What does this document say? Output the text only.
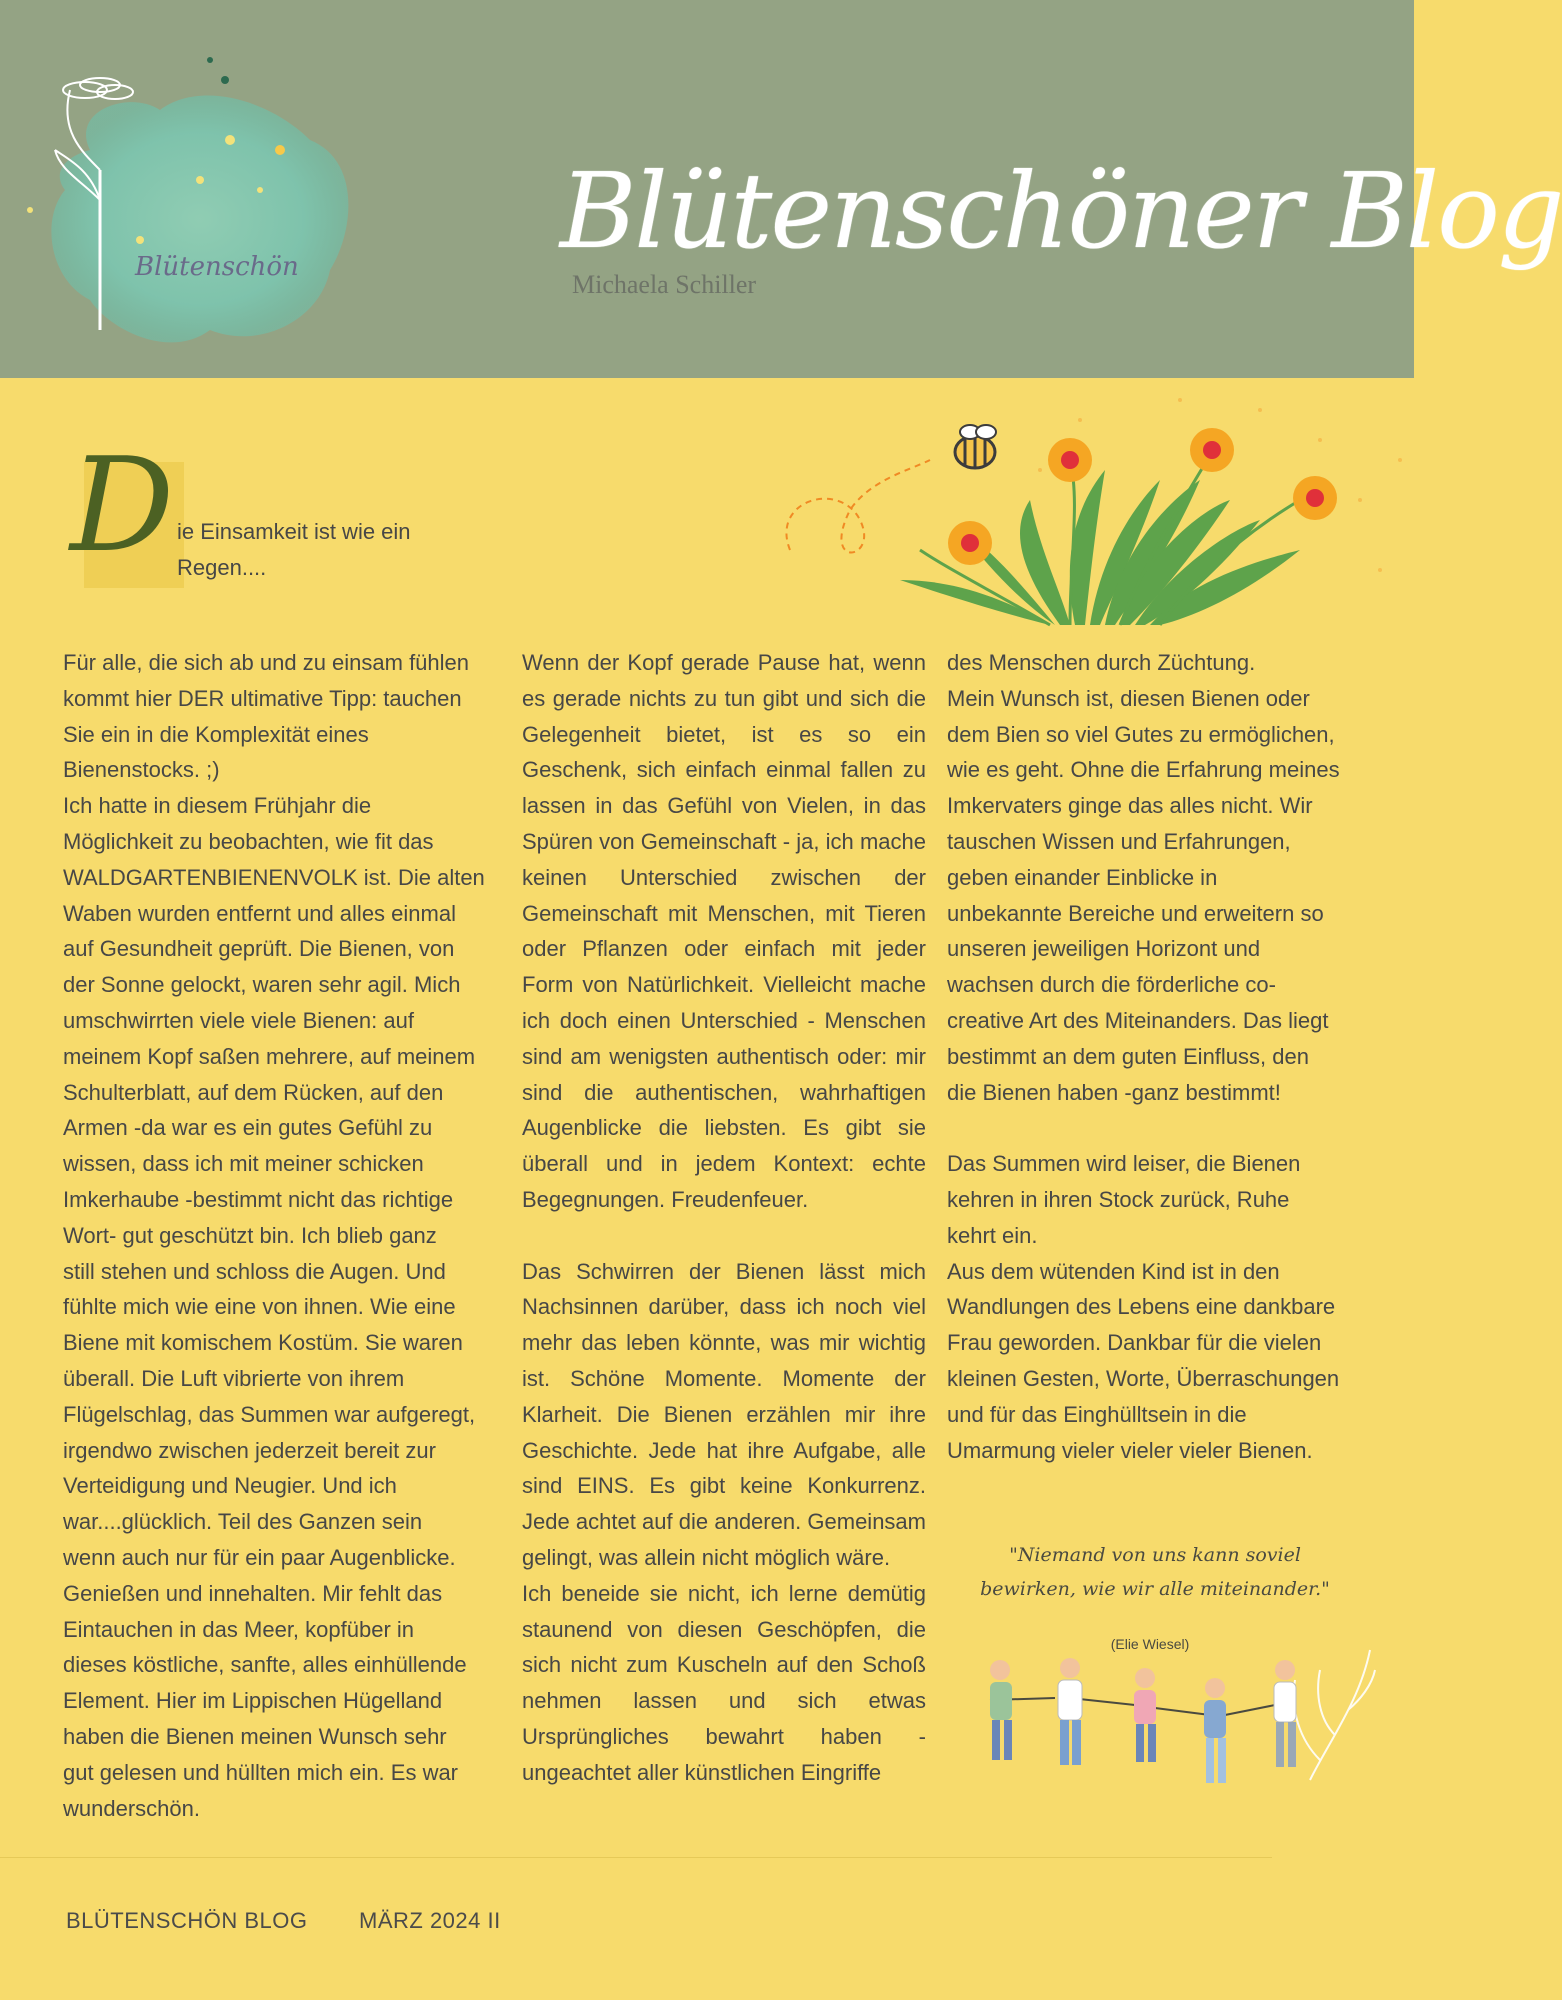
Blütenschön	Blütenschöner Blog
Michaela Schiller
D ie Einsamkeit ist wie ein Regen....
Für alle, die sich ab und zu einsam fühlen
kommt hier DER ultimative Tipp: tauchen
Sie ein in die Komplexität eines
Bienenstocks. ;)
Ich hatte in diesem Frühjahr die
Möglichkeit zu beobachten, wie fit das
WALDGARTENBIENENVOLK ist. Die alten
Waben wurden entfernt und alles einmal
auf Gesundheit geprüft. Die Bienen, von
der Sonne gelockt, waren sehr agil. Mich
umschwirrten viele viele Bienen: auf
meinem Kopf saßen mehrere, auf meinem
Schulterblatt, auf dem Rücken, auf den
Armen -da war es ein gutes Gefühl zu
wissen, dass ich mit meiner schicken
Imkerhaube -bestimmt nicht das richtige
Wort- gut geschützt bin. Ich blieb ganz
still stehen und schloss die Augen. Und
fühlte mich wie eine von ihnen. Wie eine
Biene mit komischem Kostüm. Sie waren
überall. Die Luft vibrierte von ihrem
Flügelschlag, das Summen war aufgeregt,
irgendwo zwischen jederzeit bereit zur
Verteidigung und Neugier. Und ich
war....glücklich. Teil des Ganzen sein
wenn auch nur für ein paar Augenblicke.
Genießen und innehalten. Mir fehlt das
Eintauchen in das Meer, kopfüber in
dieses köstliche, sanfte, alles einhüllende
Element. Hier im Lippischen Hügelland
haben die Bienen meinen Wunsch sehr
gut gelesen und hüllten mich ein. Es war
wunderschön.
Wenn der Kopf gerade Pause hat, wenn es gerade nichts zu tun gibt und sich die Gelegenheit bietet, ist es so ein Geschenk, sich einfach einmal fallen zu lassen in das Gefühl von Vielen, in das Spüren von Gemeinschaft - ja, ich mache keinen Unterschied zwischen der Gemeinschaft mit Menschen, mit Tieren oder Pflanzen oder einfach mit jeder Form von Natürlichkeit. Vielleicht mache ich doch einen Unterschied - Menschen sind am wenigsten authentisch oder: mir sind die authentischen, wahrhaftigen Augenblicke die liebsten. Es gibt sie überall und in jedem Kontext: echte Begegnungen. Freudenfeuer.

Das Schwirren der Bienen lässt mich Nachsinnen darüber, dass ich noch viel mehr das leben könnte, was mir wichtig ist. Schöne Momente. Momente der Klarheit. Die Bienen erzählen mir ihre Geschichte. Jede hat ihre Aufgabe, alle sind EINS. Es gibt keine Konkurrenz. Jede achtet auf die anderen. Gemeinsam gelingt, was allein nicht möglich wäre.
Ich beneide sie nicht, ich lerne demütig staunend von diesen Geschöpfen, die sich nicht zum Kuscheln auf den Schoß nehmen lassen und sich etwas Ursprüngliches bewahrt haben - ungeachtet aller künstlichen Eingriffe
des Menschen durch Züchtung.
Mein Wunsch ist, diesen Bienen oder
dem Bien so viel Gutes zu ermöglichen,
wie es geht. Ohne die Erfahrung meines
Imkervaters ginge das alles nicht. Wir
tauschen Wissen und Erfahrungen,
geben einander Einblicke in
unbekannte Bereiche und erweitern so
unseren jeweiligen Horizont und
wachsen durch die förderliche co-
creative Art des Miteinanders. Das liegt
bestimmt an dem guten Einfluss, den
die Bienen haben -ganz bestimmt!

Das Summen wird leiser, die Bienen
kehren in ihren Stock zurück, Ruhe
kehrt ein.
Aus dem wütenden Kind ist in den
Wandlungen des Lebens eine dankbare
Frau geworden. Dankbar für die vielen
kleinen Gesten, Worte, Überraschungen
und für das Einghülltsein in die
Umarmung vieler vieler vieler Bienen.
"Niemand von uns kann soviel bewirken, wie wir alle miteinander."
(Elie Wiesel)
BLÜTENSCHÖN BLOG MÄRZ 2024 II
